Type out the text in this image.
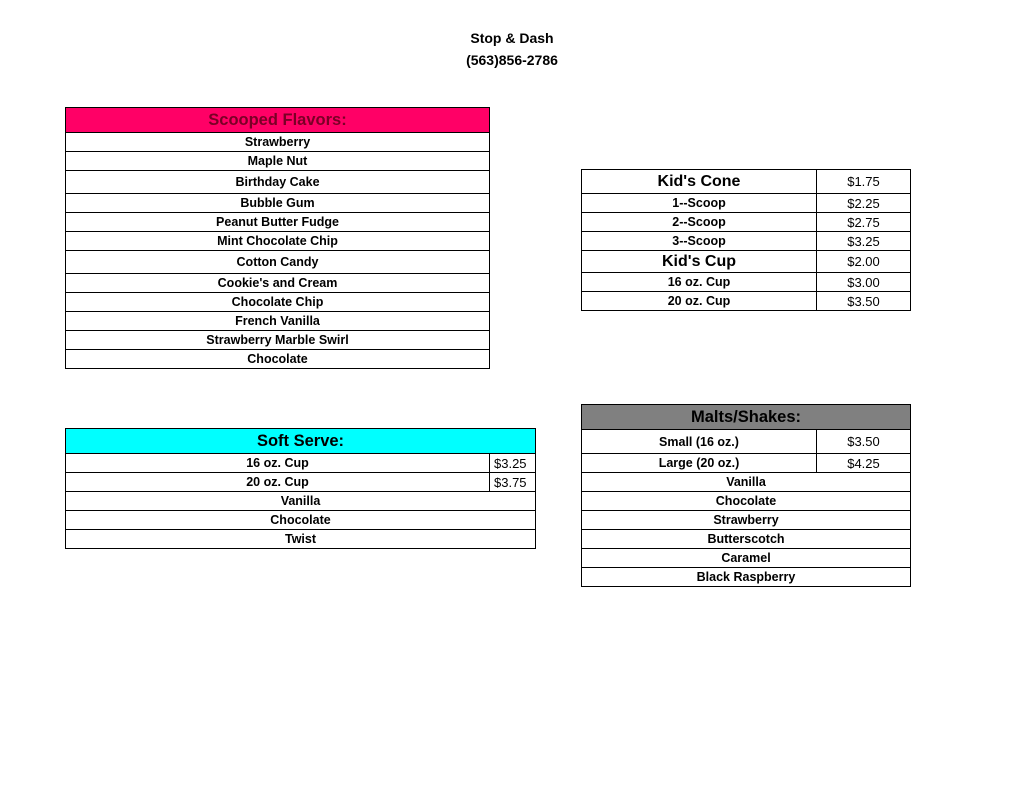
Stop & Dash
(563)856-2786
Scooped Flavors:
Strawberry
Maple Nut
Birthday Cake
Bubble Gum
Peanut Butter Fudge
Mint Chocolate Chip
Cotton Candy
Cookie's and Cream
Chocolate Chip
French Vanilla
Strawberry Marble Swirl
Chocolate
Kid's Cone	$1.75
1--Scoop	$2.25
2--Scoop	$2.75
3--Scoop	$3.25
Kid's Cup	$2.00
16 oz. Cup	$3.00
20 oz. Cup	$3.50
Soft Serve:
16 oz. Cup	$3.25
20 oz. Cup	$3.75
Vanilla
Chocolate
Twist
Malts/Shakes:
Small (16 oz.)	$3.50
Large (20 oz.)	$4.25
Vanilla
Chocolate
Strawberry
Butterscotch
Caramel
Black Raspberry
